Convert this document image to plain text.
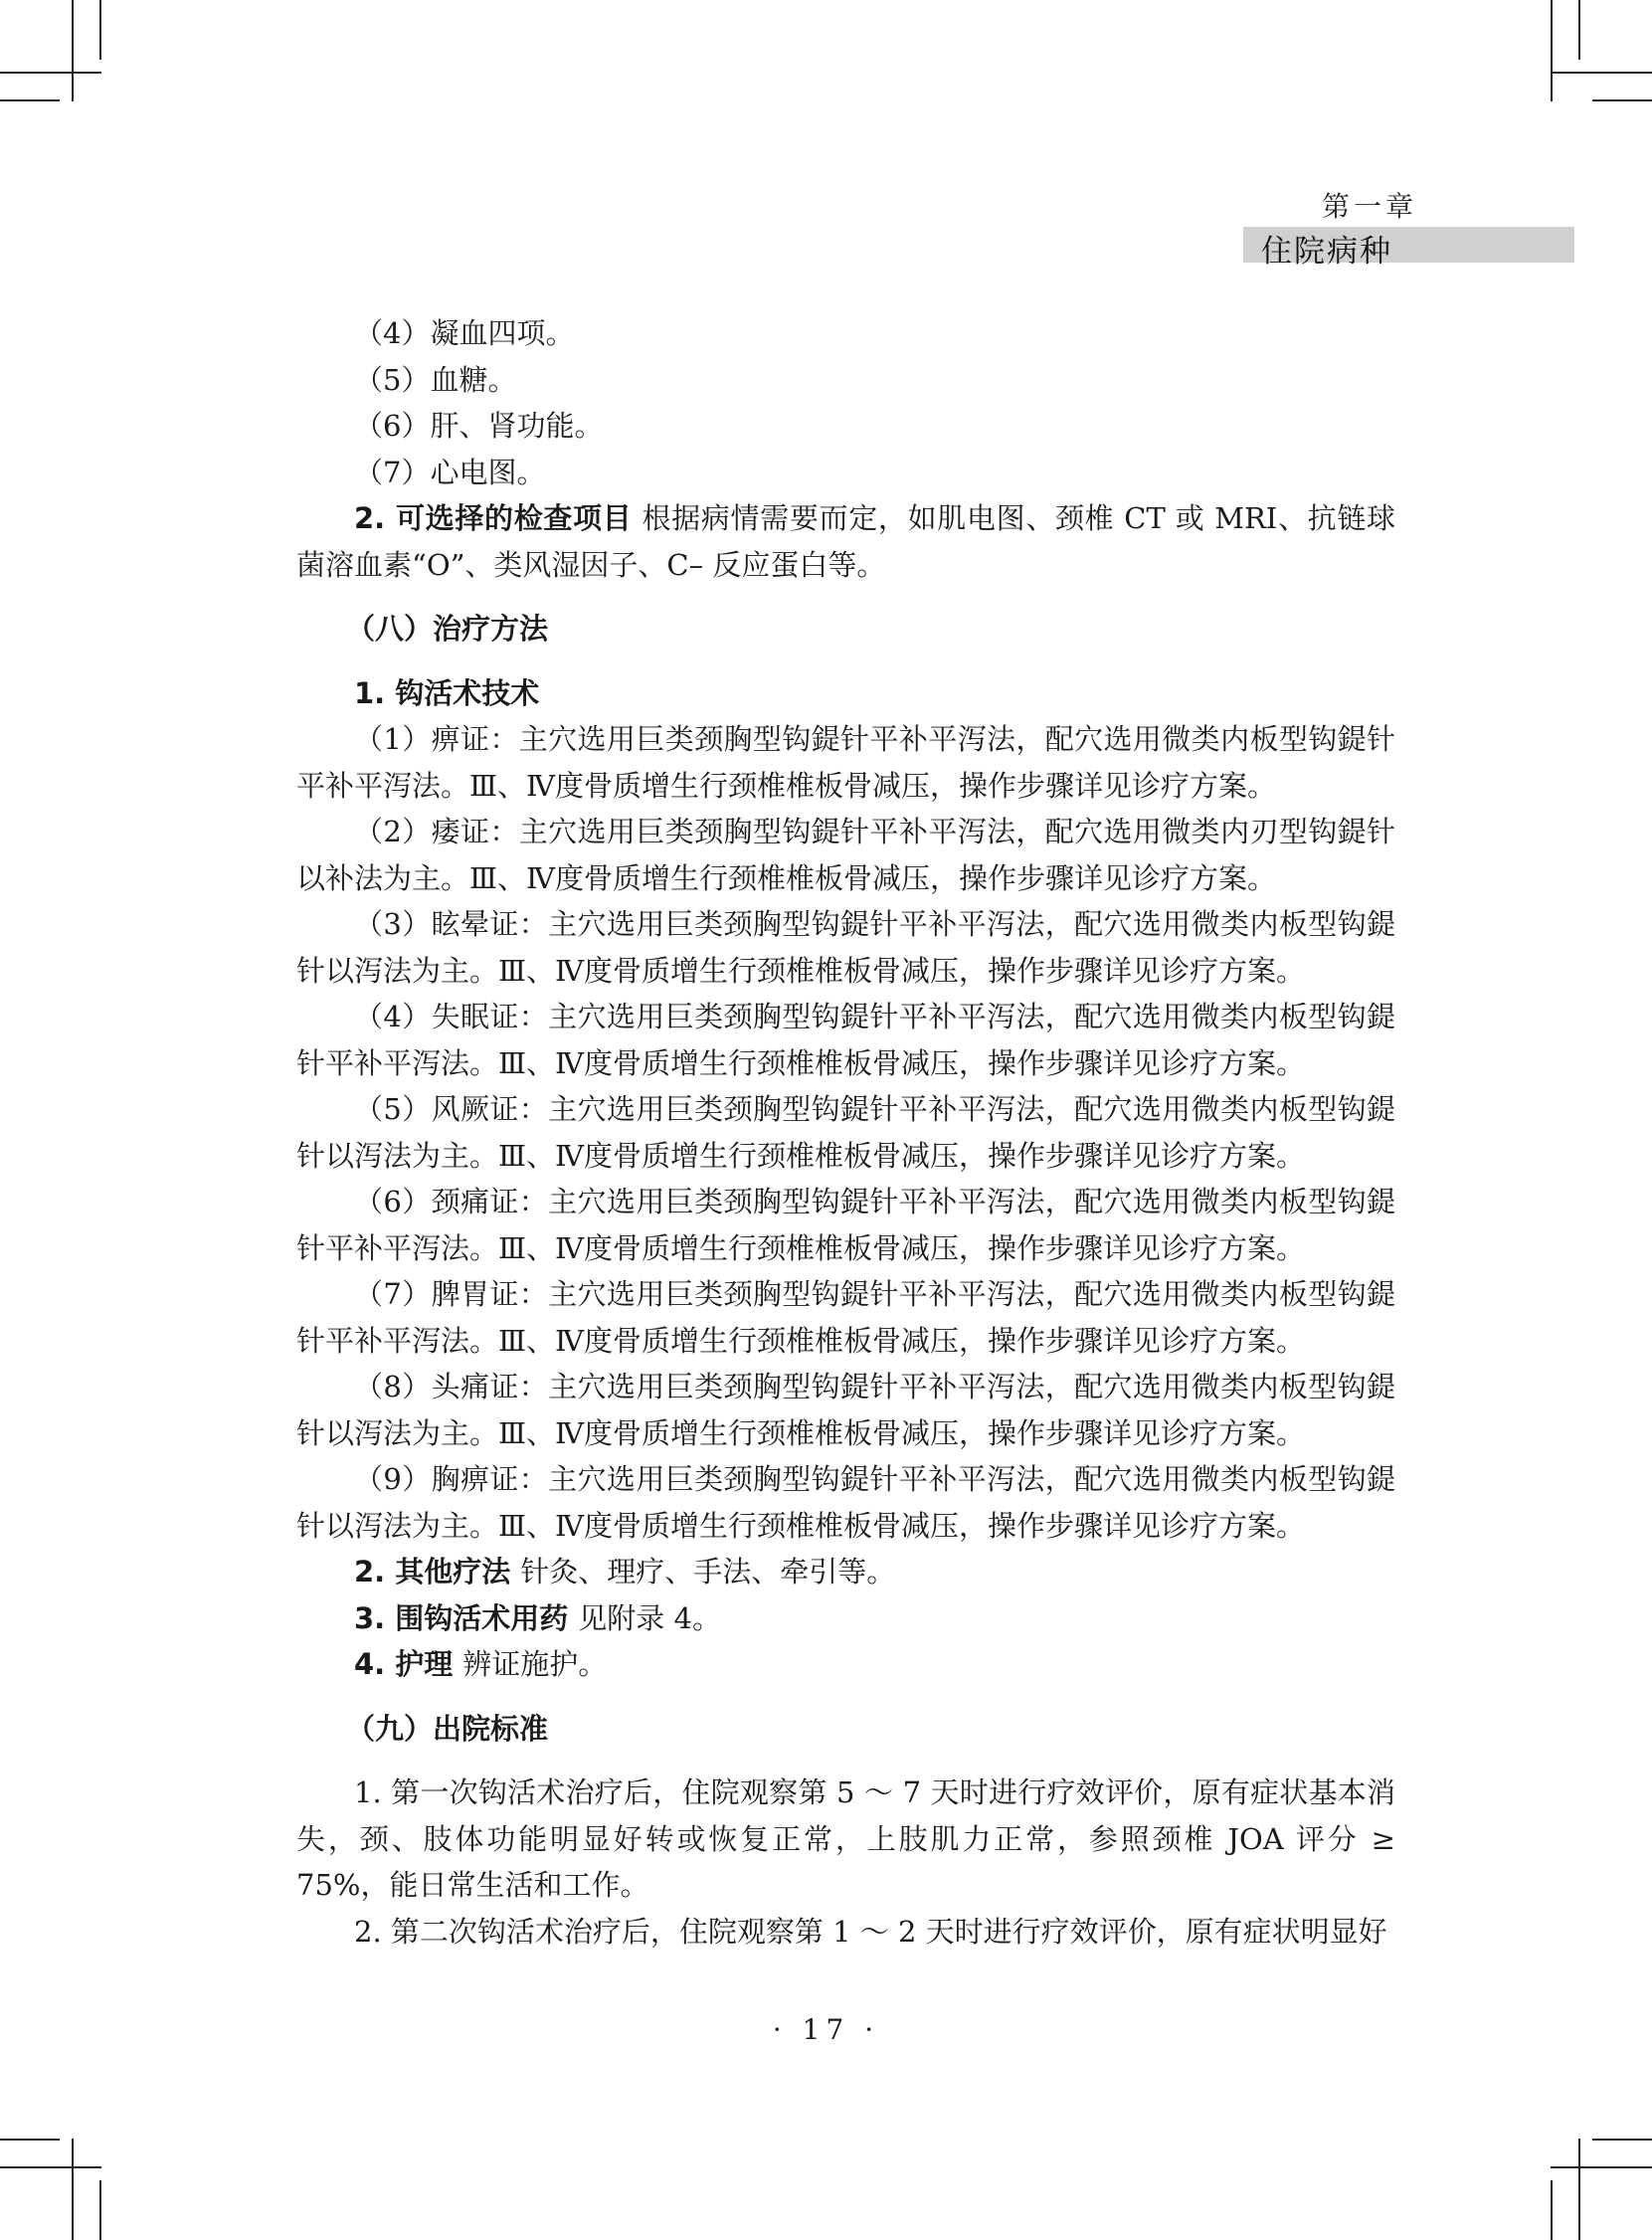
第一章
住院病种

（4）凝血四项。

（5）血糖。

（6）肝、肾功能。

（7）心电图。

2. 可选择的检查项目 根据病情需要而定，如肌电图、颈椎 CT 或 MRI、抗链球菌溶血素“O”、类风湿因子、C– 反应蛋白等。

（八）治疗方法

1. 钩活术技术

（1）痹证：主穴选用巨类颈胸型钩鍉针平补平泻法，配穴选用微类内板型钩鍉针平补平泻法。Ⅲ、Ⅳ度骨质增生行颈椎椎板骨减压，操作步骤详见诊疗方案。

（2）痿证：主穴选用巨类颈胸型钩鍉针平补平泻法，配穴选用微类内刃型钩鍉针以补法为主。Ⅲ、Ⅳ度骨质增生行颈椎椎板骨减压，操作步骤详见诊疗方案。

（3）眩晕证：主穴选用巨类颈胸型钩鍉针平补平泻法，配穴选用微类内板型钩鍉针以泻法为主。Ⅲ、Ⅳ度骨质增生行颈椎椎板骨减压，操作步骤详见诊疗方案。

（4）失眠证：主穴选用巨类颈胸型钩鍉针平补平泻法，配穴选用微类内板型钩鍉针平补平泻法。Ⅲ、Ⅳ度骨质增生行颈椎椎板骨减压，操作步骤详见诊疗方案。

（5）风厥证：主穴选用巨类颈胸型钩鍉针平补平泻法，配穴选用微类内板型钩鍉针以泻法为主。Ⅲ、Ⅳ度骨质增生行颈椎椎板骨减压，操作步骤详见诊疗方案。

（6）颈痛证：主穴选用巨类颈胸型钩鍉针平补平泻法，配穴选用微类内板型钩鍉针平补平泻法。Ⅲ、Ⅳ度骨质增生行颈椎椎板骨减压，操作步骤详见诊疗方案。

（7）脾胃证：主穴选用巨类颈胸型钩鍉针平补平泻法，配穴选用微类内板型钩鍉针平补平泻法。Ⅲ、Ⅳ度骨质增生行颈椎椎板骨减压，操作步骤详见诊疗方案。

（8）头痛证：主穴选用巨类颈胸型钩鍉针平补平泻法，配穴选用微类内板型钩鍉针以泻法为主。Ⅲ、Ⅳ度骨质增生行颈椎椎板骨减压，操作步骤详见诊疗方案。

（9）胸痹证：主穴选用巨类颈胸型钩鍉针平补平泻法，配穴选用微类内板型钩鍉针以泻法为主。Ⅲ、Ⅳ度骨质增生行颈椎椎板骨减压，操作步骤详见诊疗方案。

2. 其他疗法 针灸、理疗、手法、牵引等。

3. 围钩活术用药 见附录 4。

4. 护理 辨证施护。

（九）出院标准

1. 第一次钩活术治疗后，住院观察第 5 ～ 7 天时进行疗效评价，原有症状基本消失，颈、肢体功能明显好转或恢复正常，上肢肌力正常，参照颈椎 JOA 评分 ≥ 75%，能日常生活和工作。

2. 第二次钩活术治疗后，住院观察第 1 ～ 2 天时进行疗效评价，原有症状明显好

· 17 ·
